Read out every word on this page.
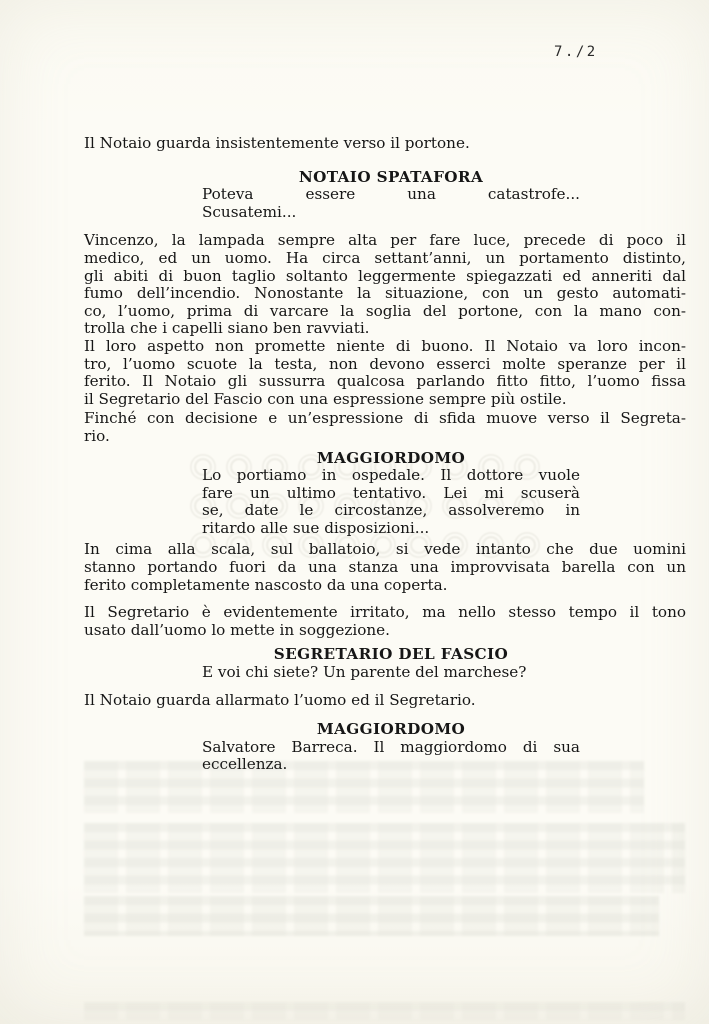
7./2
Il Notaio guarda insistentemente verso il portone.
NOTAIO SPATAFORA
Poteva essere una catastrofe...
Scusatemi...
Vincenzo, la lampada sempre alta per fare luce, precede di poco il
medico, ed un uomo. Ha circa settant’anni, un portamento distinto,
gli abiti di buon taglio soltanto leggermente spiegazzati ed anneriti dal
fumo dell’incendio. Nonostante la situazione, con un gesto automati-
co, l’uomo, prima di varcare la soglia del portone, con la mano con-
trolla che i capelli siano ben ravviati.
Il loro aspetto non promette niente di buono. Il Notaio va loro incon-
tro, l’uomo scuote la testa, non devono esserci molte speranze per il
ferito. Il Notaio gli sussurra qualcosa parlando fitto fitto, l’uomo fissa
il Segretario del Fascio con una espressione sempre più ostile.
Finché con decisione e un’espressione di sfida muove verso il Segreta-
rio.
MAGGIORDOMO
Lo portiamo in ospedale. Il dottore vuole
fare un ultimo tentativo. Lei mi scuserà
se, date le circostanze, assolveremo in
ritardo alle sue disposizioni...
In cima alla scala, sul ballatoio, si vede intanto che due uomini
stanno portando fuori da una stanza una improvvisata barella con un
ferito completamente nascosto da una coperta.
Il Segretario è evidentemente irritato, ma nello stesso tempo il tono
usato dall’uomo lo mette in soggezione.
SEGRETARIO DEL FASCIO
E voi chi siete? Un parente del marchese?
Il Notaio guarda allarmato l’uomo ed il Segretario.
MAGGIORDOMO
Salvatore Barreca. Il maggiordomo di sua
eccellenza.
